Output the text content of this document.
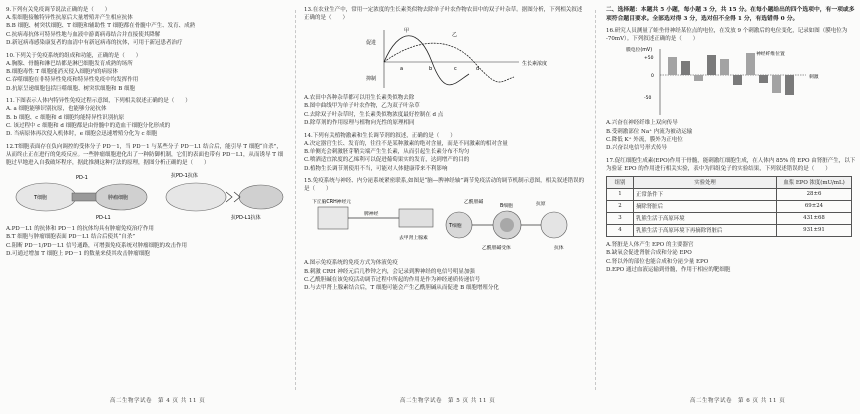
9.下列有关免疫调节说法正确的是（　　）

A.浆细胞接触特异性抗原后大量增殖并产生相应抗体

B.B 细胞、树突状细胞、T 细胞和辅助性 T 细胞都在骨髓中产生、发育、成熟

C.抗病毒抗体可特异性地与血液中游离病毒结合并直接使其降解

D.新冠病毒感染康复者的血清中有新冠病毒的抗体，可用于新冠患者治疗

10.下列关于免疫系统的组成和功能，正确的是（　　）

A.胸腺、骨髓和淋巴结都是淋巴细胞发育成熟的场所

B.细胞毒性 T 细胞能消灭侵入细胞内的病原体

C.吞噬细胞在非特异性免疫和特异性免疫中均发挥作用

D.抗原呈递细胞包括巨噬细胞、树突状细胞和 B 细胞

11.下图表示人体内特异性免疫过程示意图，下列相关叙述正确的是（　　）

A. a 细胞能够识别抗原，也能够分泌抗体

B. b 细胞、c 细胞和 d 细胞均能特异性识别抗原

C. 该过程中 c 细胞和 d 细胞都是由骨髓中的造血干细胞分化形成的

D. 当病原体再次侵入机体时，e 细胞会迅速增殖分化为 c 细胞

12.T细胞表面存在负向调控的受体分子 PD－1，当 PD－1 与某些分子 PD－L1 结合后，能引导 T 细胞“自杀”，从而终止正在进行的免疫反应。一些肿瘤细胞进化出了一种防御机制，它们的表面也带有 PD－L1，从而诱导 T 细胞过早地进入自我破坏程序，据此推测这种疗法的原理，据图分析正确的是（　　）

PD-1
T细胞
PD-L1
肿瘤细胞
抗PD-1抗体
抗PD-L1抗体

A.PD－L1 的抗体和 PD－1 的抗体均具有肿瘤免疫治疗作用

B.T 细胞与肿瘤细胞表面 PD－L1 结合后使其“自杀”

C.阻断 PD－1/PD－L1 信号通路，可增强免疫系统对肿瘤细胞的攻击作用

D.可通过增加 T 细胞上 PD－1 的数量来使其攻击肿瘤细胞

高二生物学试卷　第 4 页 共 11 页

13.在农业生产中，常用一定浓度的生长素类似物去除单子叶农作物农田中的双子叶杂草。据图分析，下列相关叙述正确的是（　　）

促进
抑制
生长素浓度
甲
乙
a	b	c	d

A.农田中各种杂草都可以用生长素类似物去除

B.图中曲线甲为单子叶农作物，乙为双子叶杂草

C.去除双子叶杂草时，生长素类似物浓度最好控制在 d 点

D.除草剂的作用原理与植物向光性的原理相同

14.下列有关植物激素和生长调节剂的叙述，正确的是（　　）

A.决定器官生长、发育的，往往不是某种激素的绝对含量，而是不同激素的相对含量

B.单侧光会刺激胚芽鞘尖端产生生长素，从而引起生长素分布不均匀

C.喷洒适宜浓度的乙烯利可以促进葡萄果实的发育，达到增产的目的

D.植物生长调节剂使用不当，可能对人体健康带来不利影响

15.免疫系统与神经、内分泌系统紧密联系,如图是“脑—脾神经轴”调节免疫活动的调节机制示意图，相关叙述错误的是（　　）

下丘脑CRH神经元
脾神经
去甲肾上腺素
乙酰胆碱
T细胞
乙酰胆碱受体
B细胞	抗原
抗体

A.图示免疫系统的免疫方式为体液免疫

B.刺激 CRH 神经元后几秒钟之内，会记录到脾神经的电信号明显加强

C.乙酰胆碱在该免疫活动调节过程中所起的作用是作为神经递质传递信号

D.与去甲肾上腺素结合后，T 细胞可能会产生乙酰胆碱从而促进 B 细胞增殖分化

高二生物学试卷　第 5 页 共 11 页

二、选择题：本题共 5 小题，每小题 3 分，共 15 分。在每小题给出的四个选项中，有一项或多项符合题目要求。全部选对得 3 分，选对但不全得 1 分，有选错得 0 分。

16.研究人员测量了蛙坐骨神经某位点的电位，在发放 9 个刺激后的电位变化，记录如图（膜电位为 -70mV）。下列叙述正确的是（　　）

膜电位(mV)
+50
0
-50
神经纤维位置
刺激

A.兴奋在神经纤维上双向传导

B.受刺激部位 Na⁺ 内流为被动运输

C.降低 K⁺ 外流，膜外为正电位

D.兴奋以电信号形式传导

17.促红细胞生成素(EPO)作用于骨髓，能刺激红细胞生成，在人体内 85% 的 EPO 由肾脏产生，以下为验证 EPO 的作用进行相关实验，表中为四组兔子的实验结果，下列叙述错误的是（　　）

组别	实验处理	血浆 EPO 浓度(mU/mL)
1	正常条件下	28±6
2	摘除肾脏后	69±24
3	乳熊生活于高原环境	431±68
4	乳熊生活于高原环境下再摘除肾脏后	931±91

A.肾脏是人体产生 EPO 的主要器官

B.缺氧会促进肾脏合成和分泌 EPO

C.肾以外的部位也能合成和分泌少量 EPO

D.EPO 通过血液运输到骨髓，作用于相应的靶细胞

高二生物学试卷　第 6 页 共 11 页
